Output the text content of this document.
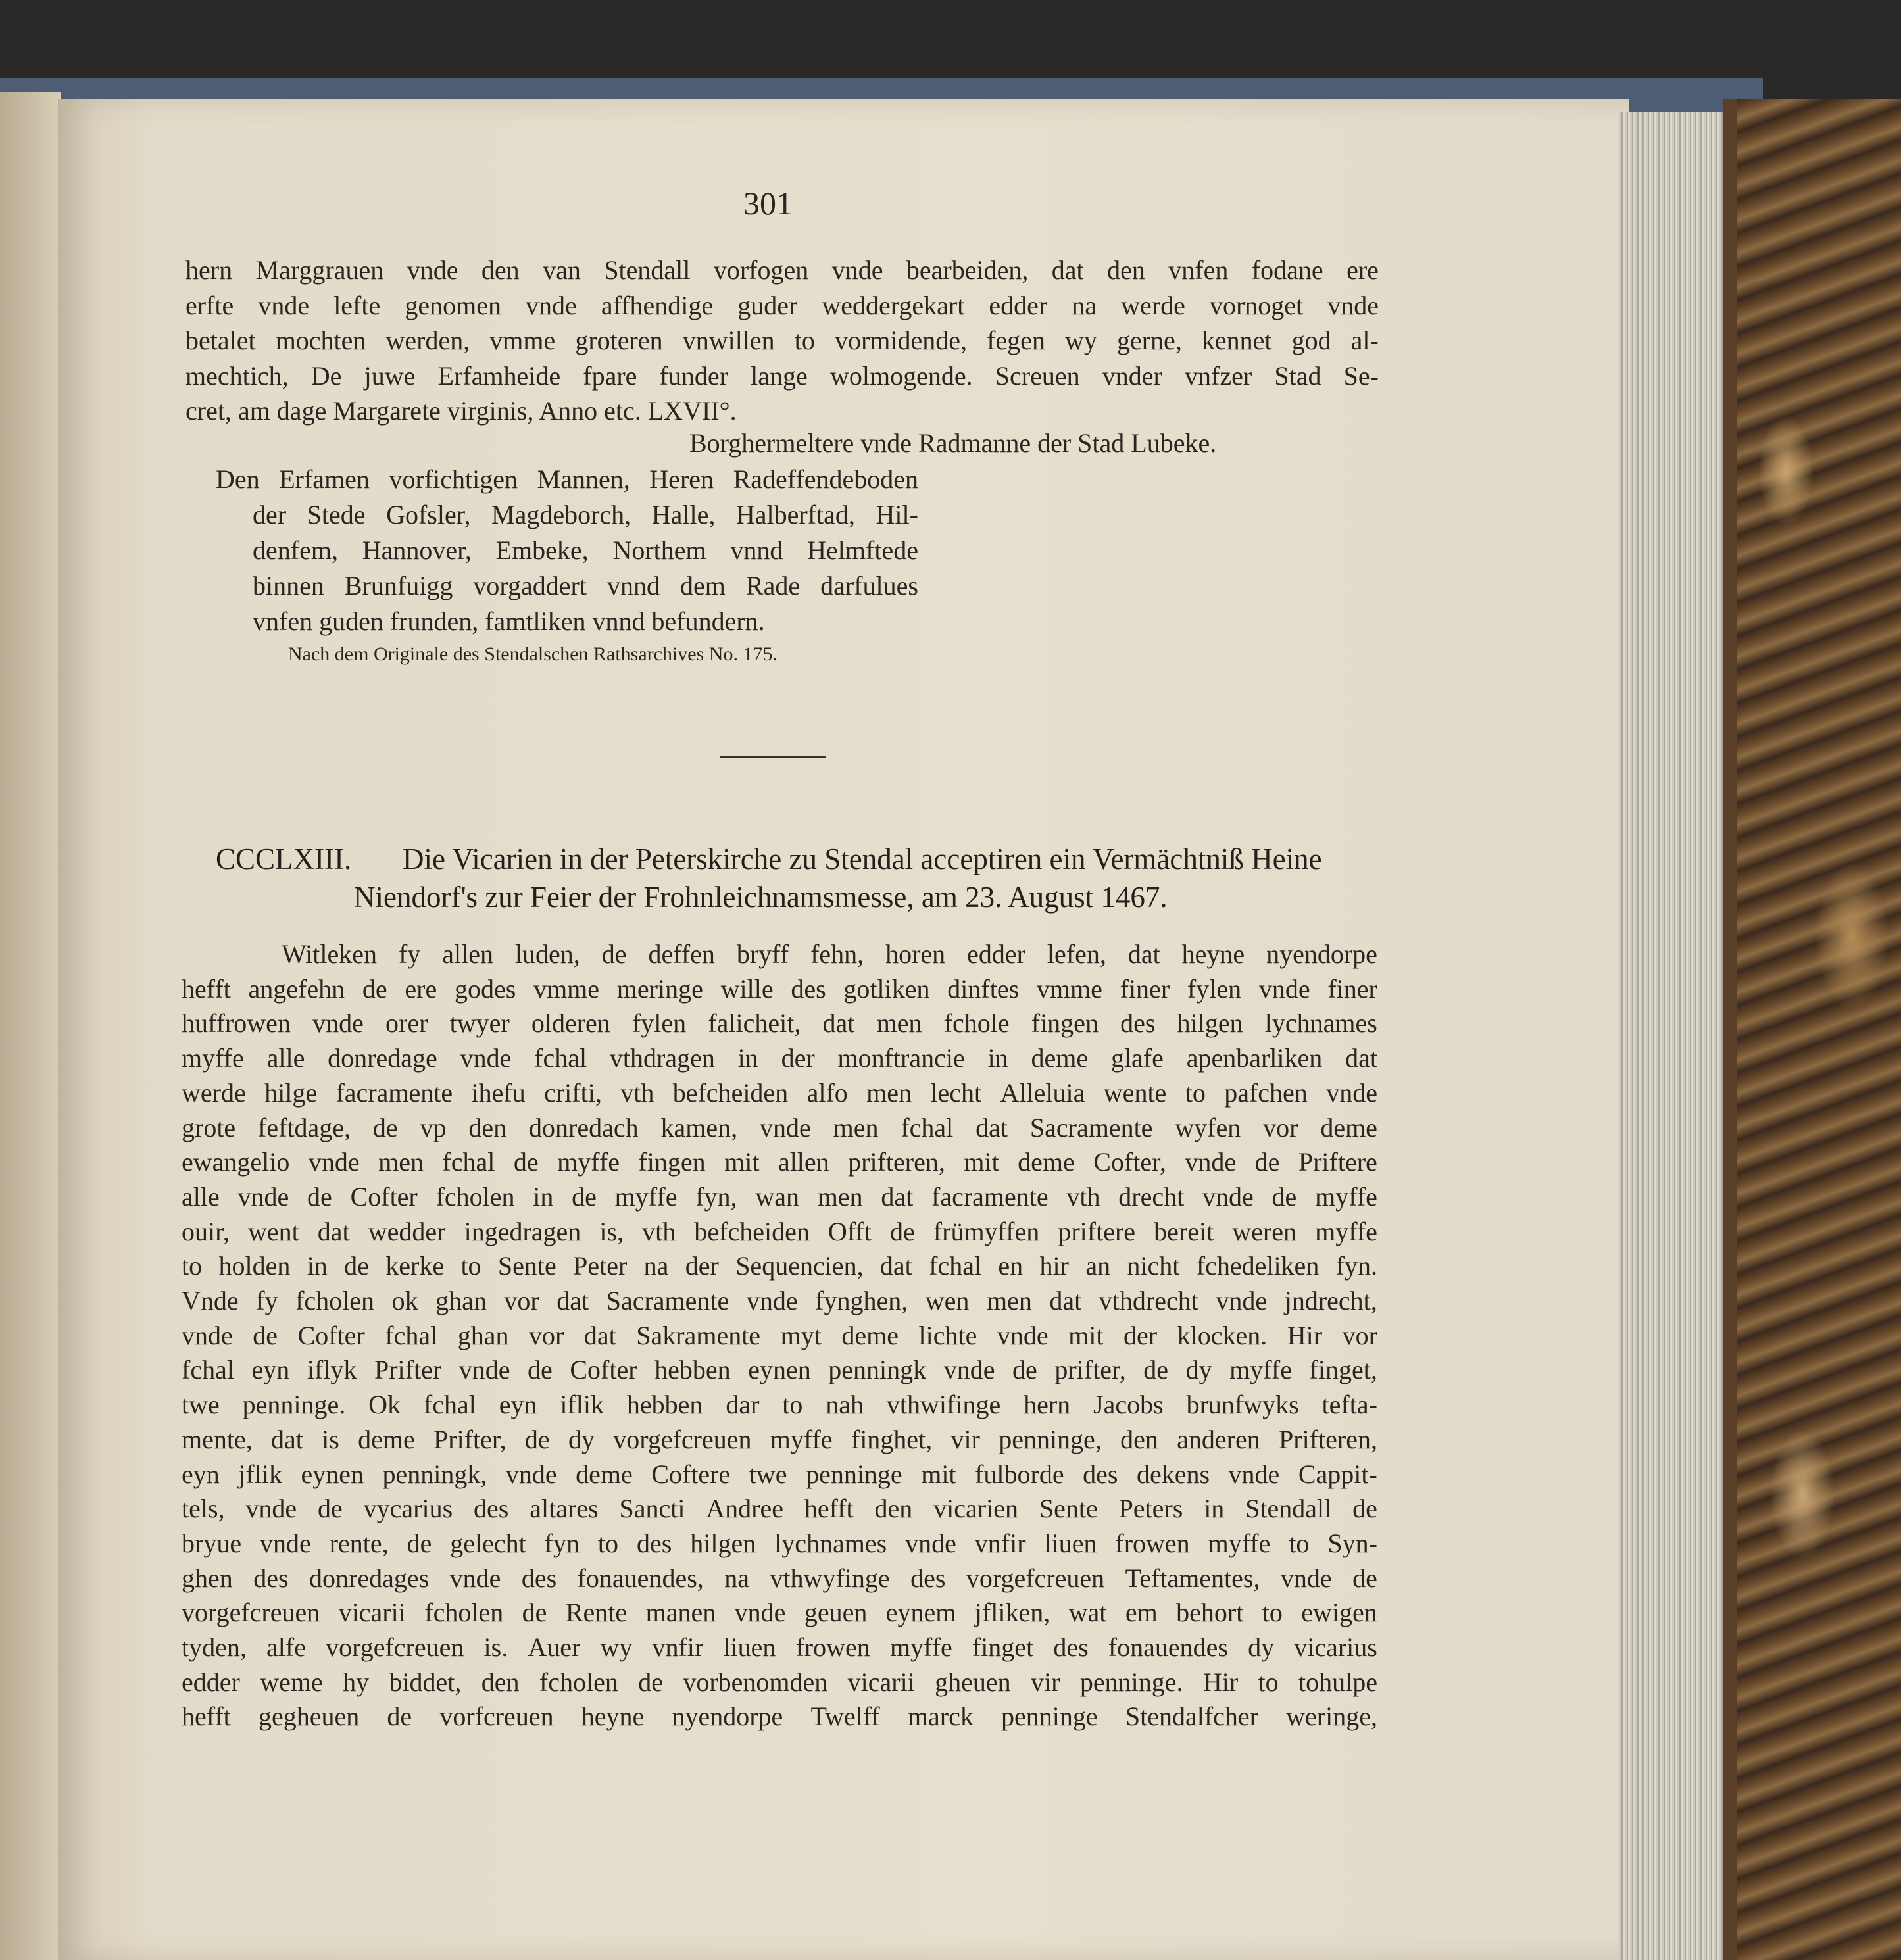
301
hern Marggrauen vnde den van Stendall vorfogen vnde bearbeiden, dat den vnfen fodane ere
erfte vnde lefte genomen vnde affhendige guder weddergekart edder na werde vornoget vnde
betalet mochten werden, vmme groteren vnwillen to vormidende, fegen wy gerne, kennet god al-
mechtich, De juwe Erfamheide fpare funder lange wolmogende. Screuen vnder vnfzer Stad Se-
cret, am dage Margarete virginis, Anno etc. LXVII°.
Borghermeltere vnde Radmanne der Stad Lubeke.
Den Erfamen vorfichtigen Mannen, Heren Radeffendeboden
der Stede Gofsler, Magdeborch, Halle, Halberftad, Hil-
denfem, Hannover, Embeke, Northem vnnd Helmftede
binnen Brunfuigg vorgaddert vnnd dem Rade darfulues
vnfen guden frunden, famtliken vnnd befundern.
Nach dem Originale des Stendalschen Rathsarchives No. 175.
CCCLXIII. Die Vicarien in der Peterskirche zu Stendal acceptiren ein Vermächtniß Heine
Niendorf's zur Feier der Frohnleichnamsmesse, am 23. August 1467.
Witleken fy allen luden, de deffen bryff fehn, horen edder lefen, dat heyne nyendorpe
hefft angefehn de ere godes vmme meringe wille des gotliken dinftes vmme finer fylen vnde finer
huffrowen vnde orer twyer olderen fylen falicheit, dat men fchole fingen des hilgen lychnames
myffe alle donredage vnde fchal vthdragen in der monftrancie in deme glafe apenbarliken dat
werde hilge facramente ihefu crifti, vth befcheiden alfo men lecht Alleluia wente to pafchen vnde
grote feftdage, de vp den donredach kamen, vnde men fchal dat Sacramente wyfen vor deme
ewangelio vnde men fchal de myffe fingen mit allen prifteren, mit deme Cofter, vnde de Priftere
alle vnde de Cofter fcholen in de myffe fyn, wan men dat facramente vth drecht vnde de myffe
ouir, went dat wedder ingedragen is, vth befcheiden Offt de frümyffen priftere bereit weren myffe
to holden in de kerke to Sente Peter na der Sequencien, dat fchal en hir an nicht fchedeliken fyn.
Vnde fy fcholen ok ghan vor dat Sacramente vnde fynghen, wen men dat vthdrecht vnde jndrecht,
vnde de Cofter fchal ghan vor dat Sakramente myt deme lichte vnde mit der klocken. Hir vor
fchal eyn iflyk Prifter vnde de Cofter hebben eynen penningk vnde de prifter, de dy myffe finget,
twe penninge. Ok fchal eyn iflik hebben dar to nah vthwifinge hern Jacobs brunfwyks tefta-
mente, dat is deme Prifter, de dy vorgefcreuen myffe finghet, vir penninge, den anderen Prifteren,
eyn jflik eynen penningk, vnde deme Coftere twe penninge mit fulborde des dekens vnde Cappit-
tels, vnde de vycarius des altares Sancti Andree hefft den vicarien Sente Peters in Stendall de
bryue vnde rente, de gelecht fyn to des hilgen lychnames vnde vnfir liuen frowen myffe to Syn-
ghen des donredages vnde des fonauendes, na vthwyfinge des vorgefcreuen Teftamentes, vnde de
vorgefcreuen vicarii fcholen de Rente manen vnde geuen eynem jfliken, wat em behort to ewigen
tyden, alfe vorgefcreuen is. Auer wy vnfir liuen frowen myffe finget des fonauendes dy vicarius
edder weme hy biddet, den fcholen de vorbenomden vicarii gheuen vir penninge. Hir to tohulpe
hefft gegheuen de vorfcreuen heyne nyendorpe Twelff marck penninge Stendalfcher weringe,
